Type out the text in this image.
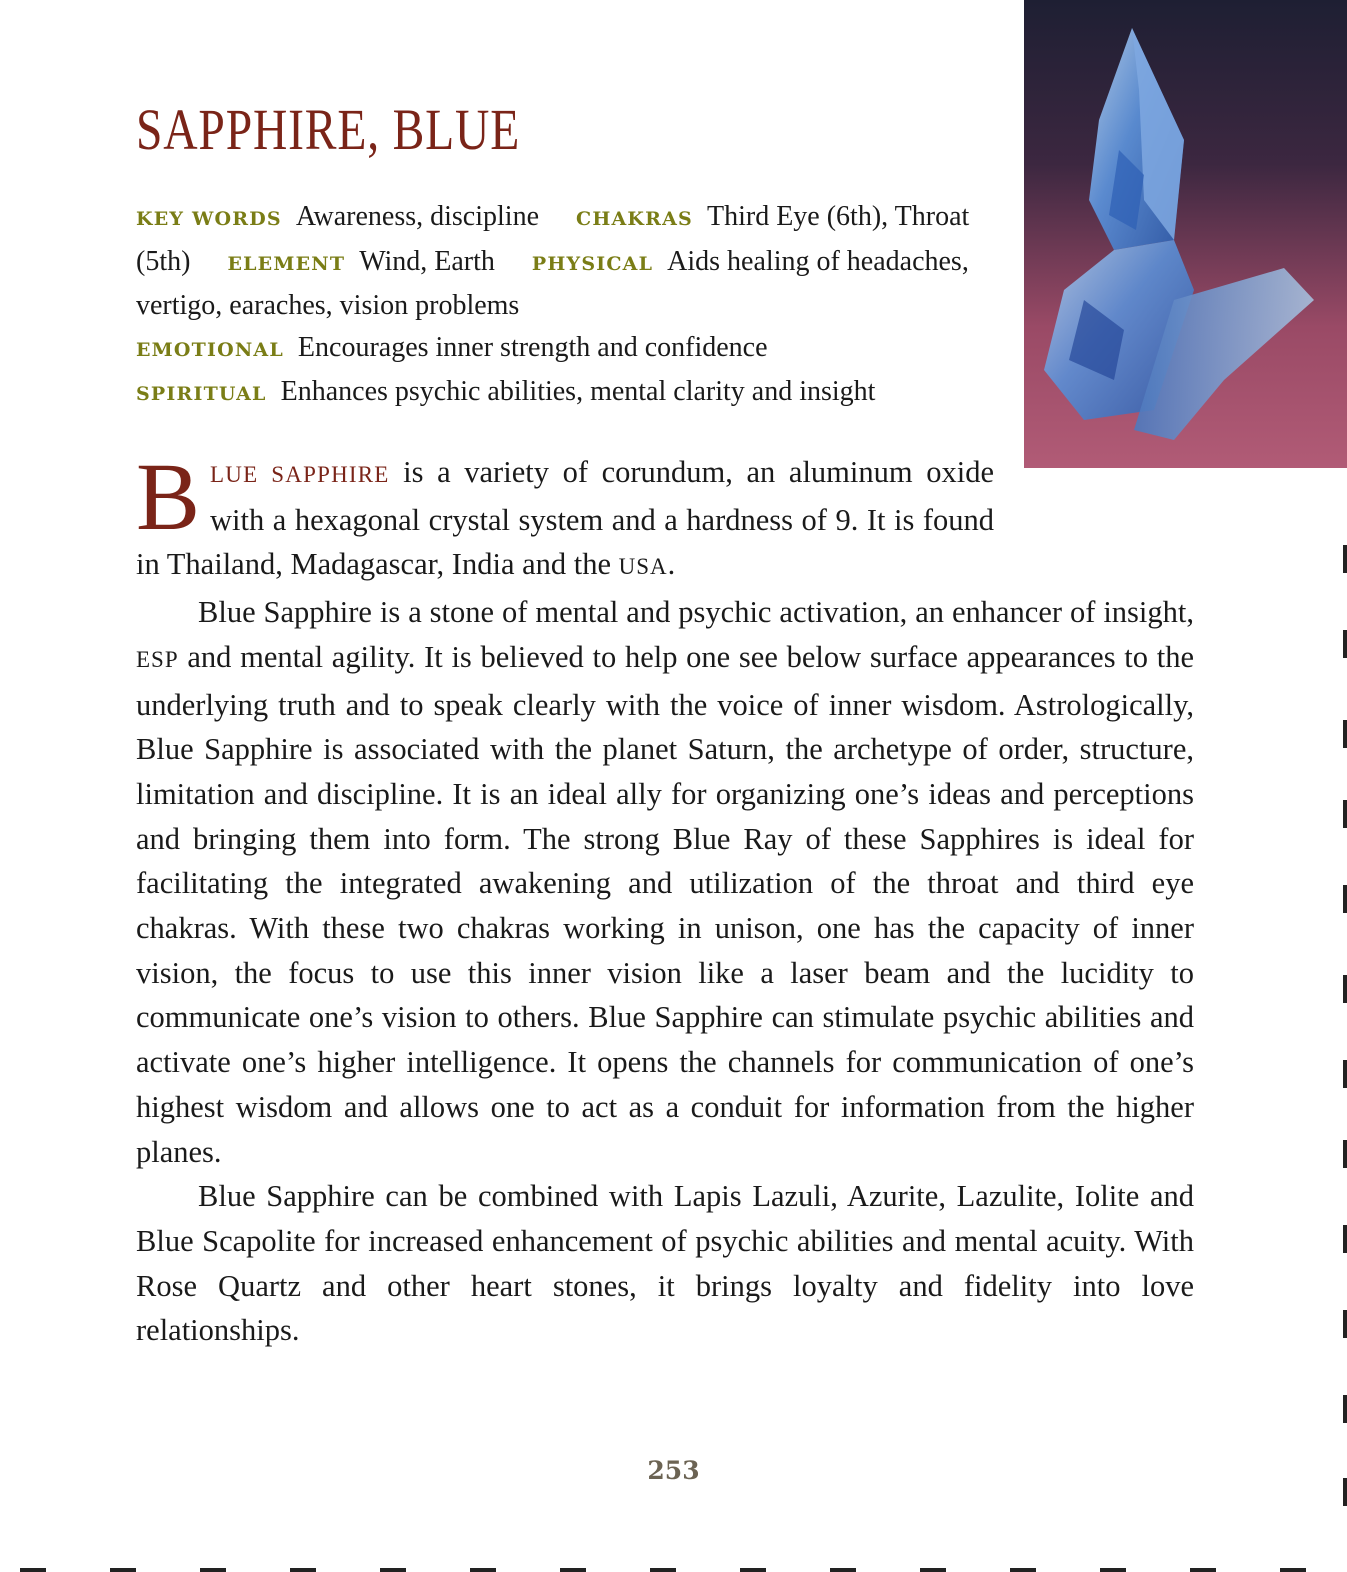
SAPPHIRE, BLUE
KEY WORDS Awareness, discipline CHAKRAS Third Eye (6th), Throat (5th) ELEMENT Wind, Earth PHYSICAL Aids healing of headaches, vertigo, earaches, vision problems
EMOTIONAL Encourages inner strength and confidence
SPIRITUAL Enhances psychic abilities, mental clarity and insight

BLUE SAPPHIRE is a variety of corundum, an aluminum oxide with a hexagonal crystal system and a hardness of 9. It is found in Thailand, Madagascar, India and the USA.

Blue Sapphire is a stone of mental and psychic activation, an enhancer of insight, ESP and mental agility. It is believed to help one see below surface appearances to the underlying truth and to speak clearly with the voice of inner wisdom. Astrologically, Blue Sapphire is associated with the planet Saturn, the archetype of order, structure, limitation and discipline. It is an ideal ally for organizing one’s ideas and perceptions and bringing them into form. The strong Blue Ray of these Sapphires is ideal for facilitating the integrated awakening and utilization of the throat and third eye chakras. With these two chakras working in unison, one has the capacity of inner vision, the focus to use this inner vision like a laser beam and the lucidity to communicate one’s vision to others. Blue Sapphire can stimulate psychic abilities and activate one’s higher intelligence. It opens the channels for communication of one’s highest wisdom and allows one to act as a conduit for information from the higher planes.

Blue Sapphire can be combined with Lapis Lazuli, Azurite, Lazulite, Iolite and Blue Scapolite for increased enhancement of psychic abilities and mental acuity. With Rose Quartz and other heart stones, it brings loyalty and fidelity into love relationships.

253
